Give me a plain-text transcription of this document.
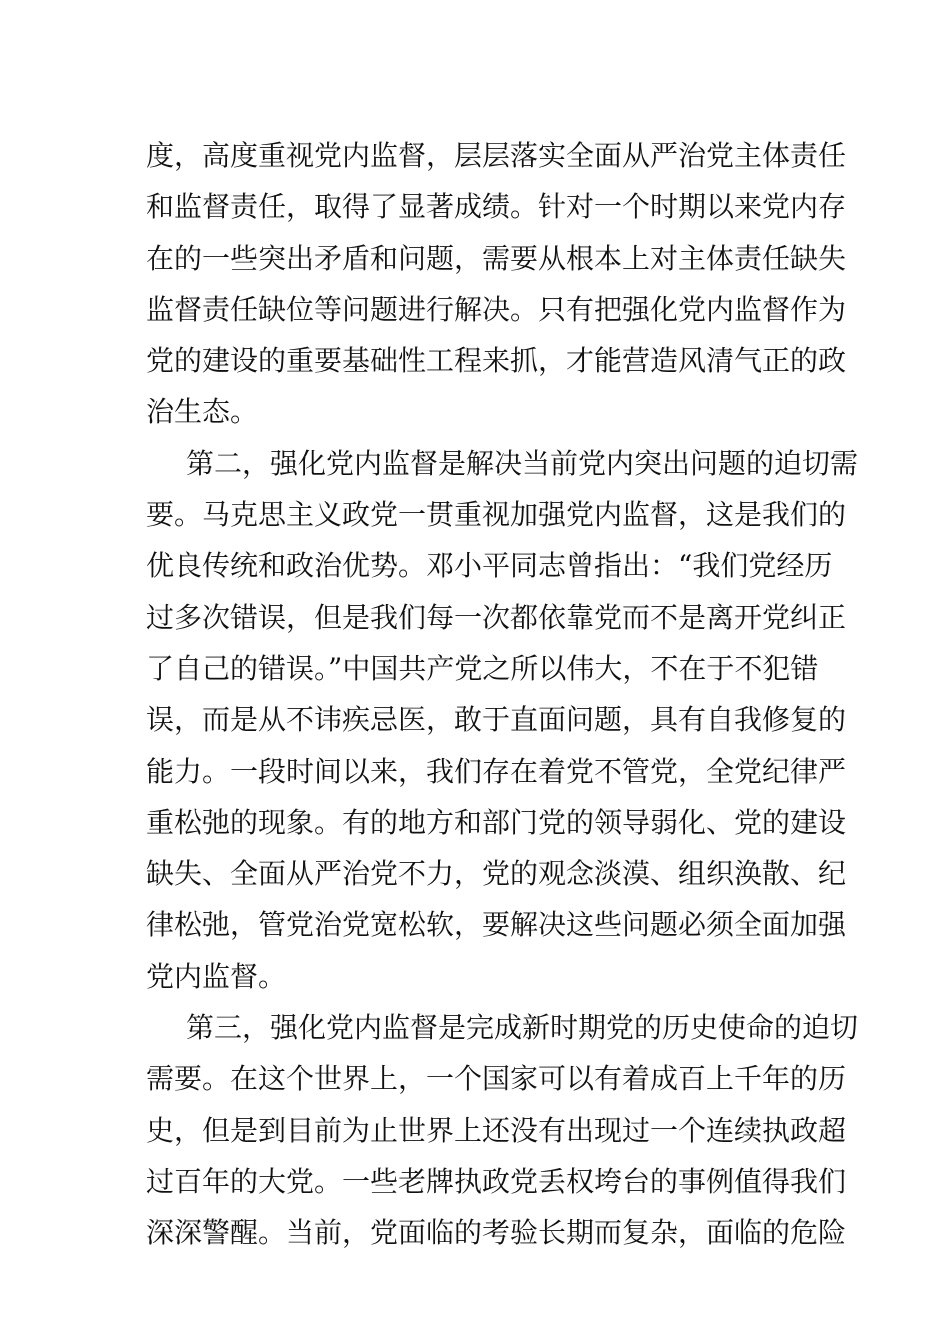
度，高度重视党内监督，层层落实全面从严治党主体责任
和监督责任，取得了显著成绩。针对一个时期以来党内存
在的一些突出矛盾和问题，需要从根本上对主体责任缺失
监督责任缺位等问题进行解决。只有把强化党内监督作为
党的建设的重要基础性工程来抓，才能营造风清气正的政
治生态。
第二，强化党内监督是解决当前党内突出问题的迫切需
要。马克思主义政党一贯重视加强党内监督，这是我们的
优良传统和政治优势。邓小平同志曾指出：“我们党经历
过多次错误，但是我们每一次都依靠党而不是离开党纠正
了自己的错误。”中国共产党之所以伟大，不在于不犯错
误，而是从不讳疾忌医，敢于直面问题，具有自我修复的
能力。一段时间以来，我们存在着党不管党，全党纪律严
重松弛的现象。有的地方和部门党的领导弱化、党的建设
缺失、全面从严治党不力，党的观念淡漠、组织涣散、纪
律松弛，管党治党宽松软，要解决这些问题必须全面加强
党内监督。
第三，强化党内监督是完成新时期党的历史使命的迫切
需要。在这个世界上，一个国家可以有着成百上千年的历
史，但是到目前为止世界上还没有出现过一个连续执政超
过百年的大党。一些老牌执政党丢权垮台的事例值得我们
深深警醒。当前，党面临的考验长期而复杂，面临的危险
